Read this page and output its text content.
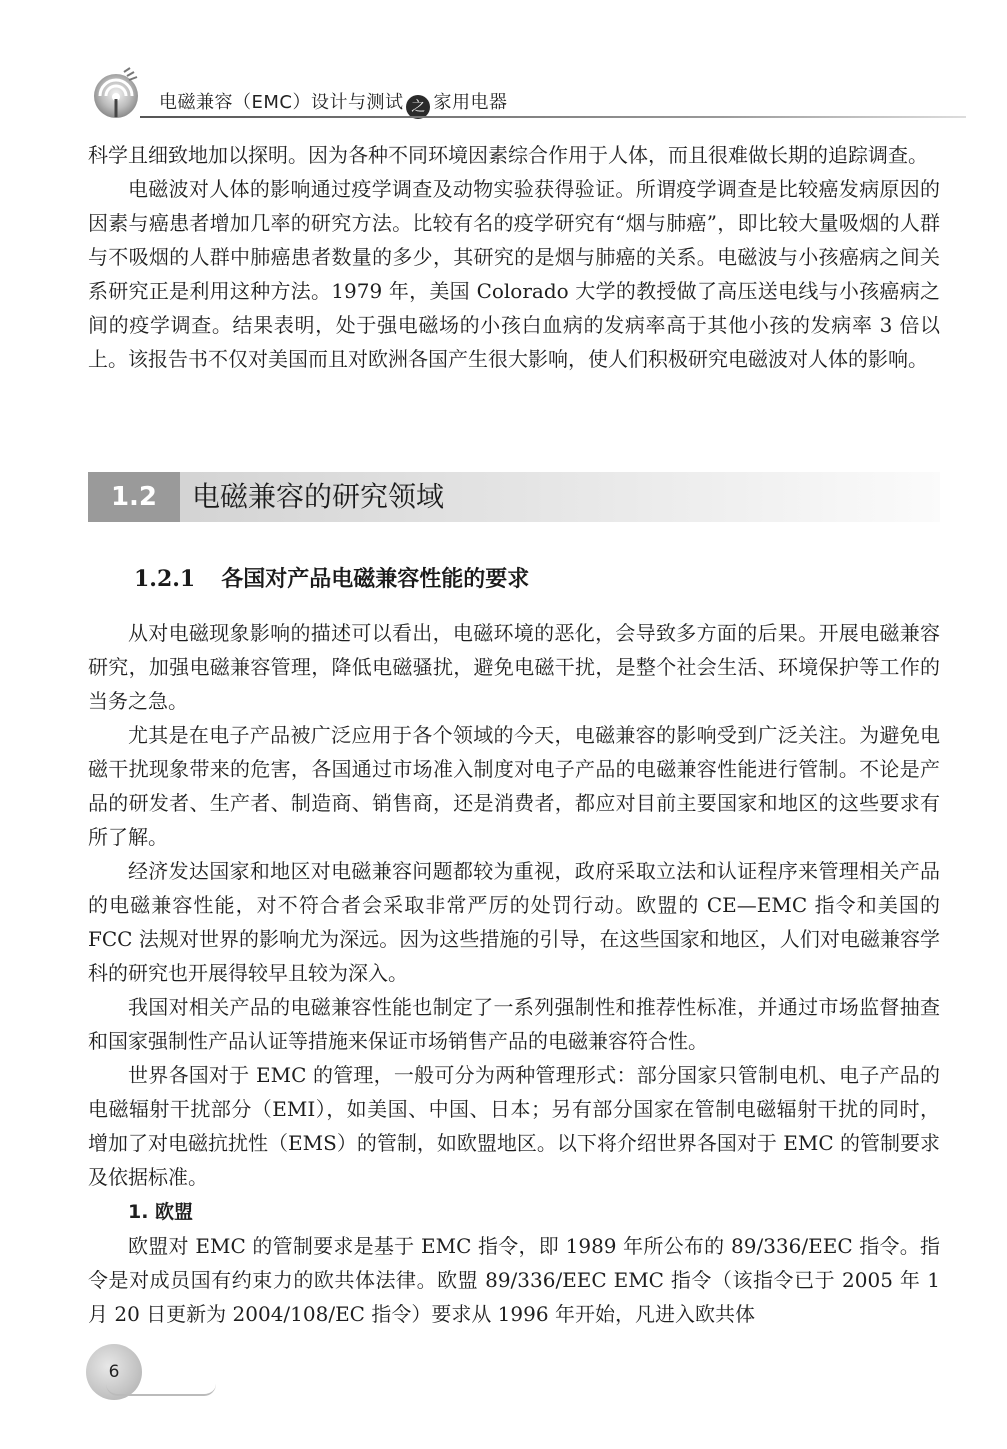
电磁兼容（EMC）设计与测试 之 家用电器

科学且细致地加以探明。因为各种不同环境因素综合作用于人体，而且很难做长期的追踪调查。

电磁波对人体的影响通过疫学调查及动物实验获得验证。所谓疫学调查是比较癌发病原因的因素与癌患者增加几率的研究方法。比较有名的疫学研究有“烟与肺癌”，即比较大量吸烟的人群与不吸烟的人群中肺癌患者数量的多少，其研究的是烟与肺癌的关系。电磁波与小孩癌病之间关系研究正是利用这种方法。1979 年，美国 Colorado 大学的教授做了高压送电线与小孩癌病之间的疫学调查。结果表明，处于强电磁场的小孩白血病的发病率高于其他小孩的发病率 3 倍以上。该报告书不仅对美国而且对欧洲各国产生很大影响，使人们积极研究电磁波对人体的影响。

1.2	电磁兼容的研究领域
1.2.1 各国对产品电磁兼容性能的要求

从对电磁现象影响的描述可以看出，电磁环境的恶化，会导致多方面的后果。开展电磁兼容研究，加强电磁兼容管理，降低电磁骚扰，避免电磁干扰，是整个社会生活、环境保护等工作的当务之急。

尤其是在电子产品被广泛应用于各个领域的今天，电磁兼容的影响受到广泛关注。为避免电磁干扰现象带来的危害，各国通过市场准入制度对电子产品的电磁兼容性能进行管制。不论是产品的研发者、生产者、制造商、销售商，还是消费者，都应对目前主要国家和地区的这些要求有所了解。

经济发达国家和地区对电磁兼容问题都较为重视，政府采取立法和认证程序来管理相关产品的电磁兼容性能，对不符合者会采取非常严厉的处罚行动。欧盟的 CE—EMC 指令和美国的 FCC 法规对世界的影响尤为深远。因为这些措施的引导，在这些国家和地区，人们对电磁兼容学科的研究也开展得较早且较为深入。

我国对相关产品的电磁兼容性能也制定了一系列强制性和推荐性标准，并通过市场监督抽查和国家强制性产品认证等措施来保证市场销售产品的电磁兼容符合性。

世界各国对于 EMC 的管理，一般可分为两种管理形式：部分国家只管制电机、电子产品的电磁辐射干扰部分（EMI），如美国、中国、日本；另有部分国家在管制电磁辐射干扰的同时，增加了对电磁抗扰性（EMS）的管制，如欧盟地区。以下将介绍世界各国对于 EMC 的管制要求及依据标准。

1. 欧盟

欧盟对 EMC 的管制要求是基于 EMC 指令，即 1989 年所公布的 89/336/EEC 指令。指令是对成员国有约束力的欧共体法律。欧盟 89/336/EEC EMC 指令（该指令已于 2005 年 1 月 20 日更新为 2004/108/EC 指令）要求从 1996 年开始，凡进入欧共体

6
